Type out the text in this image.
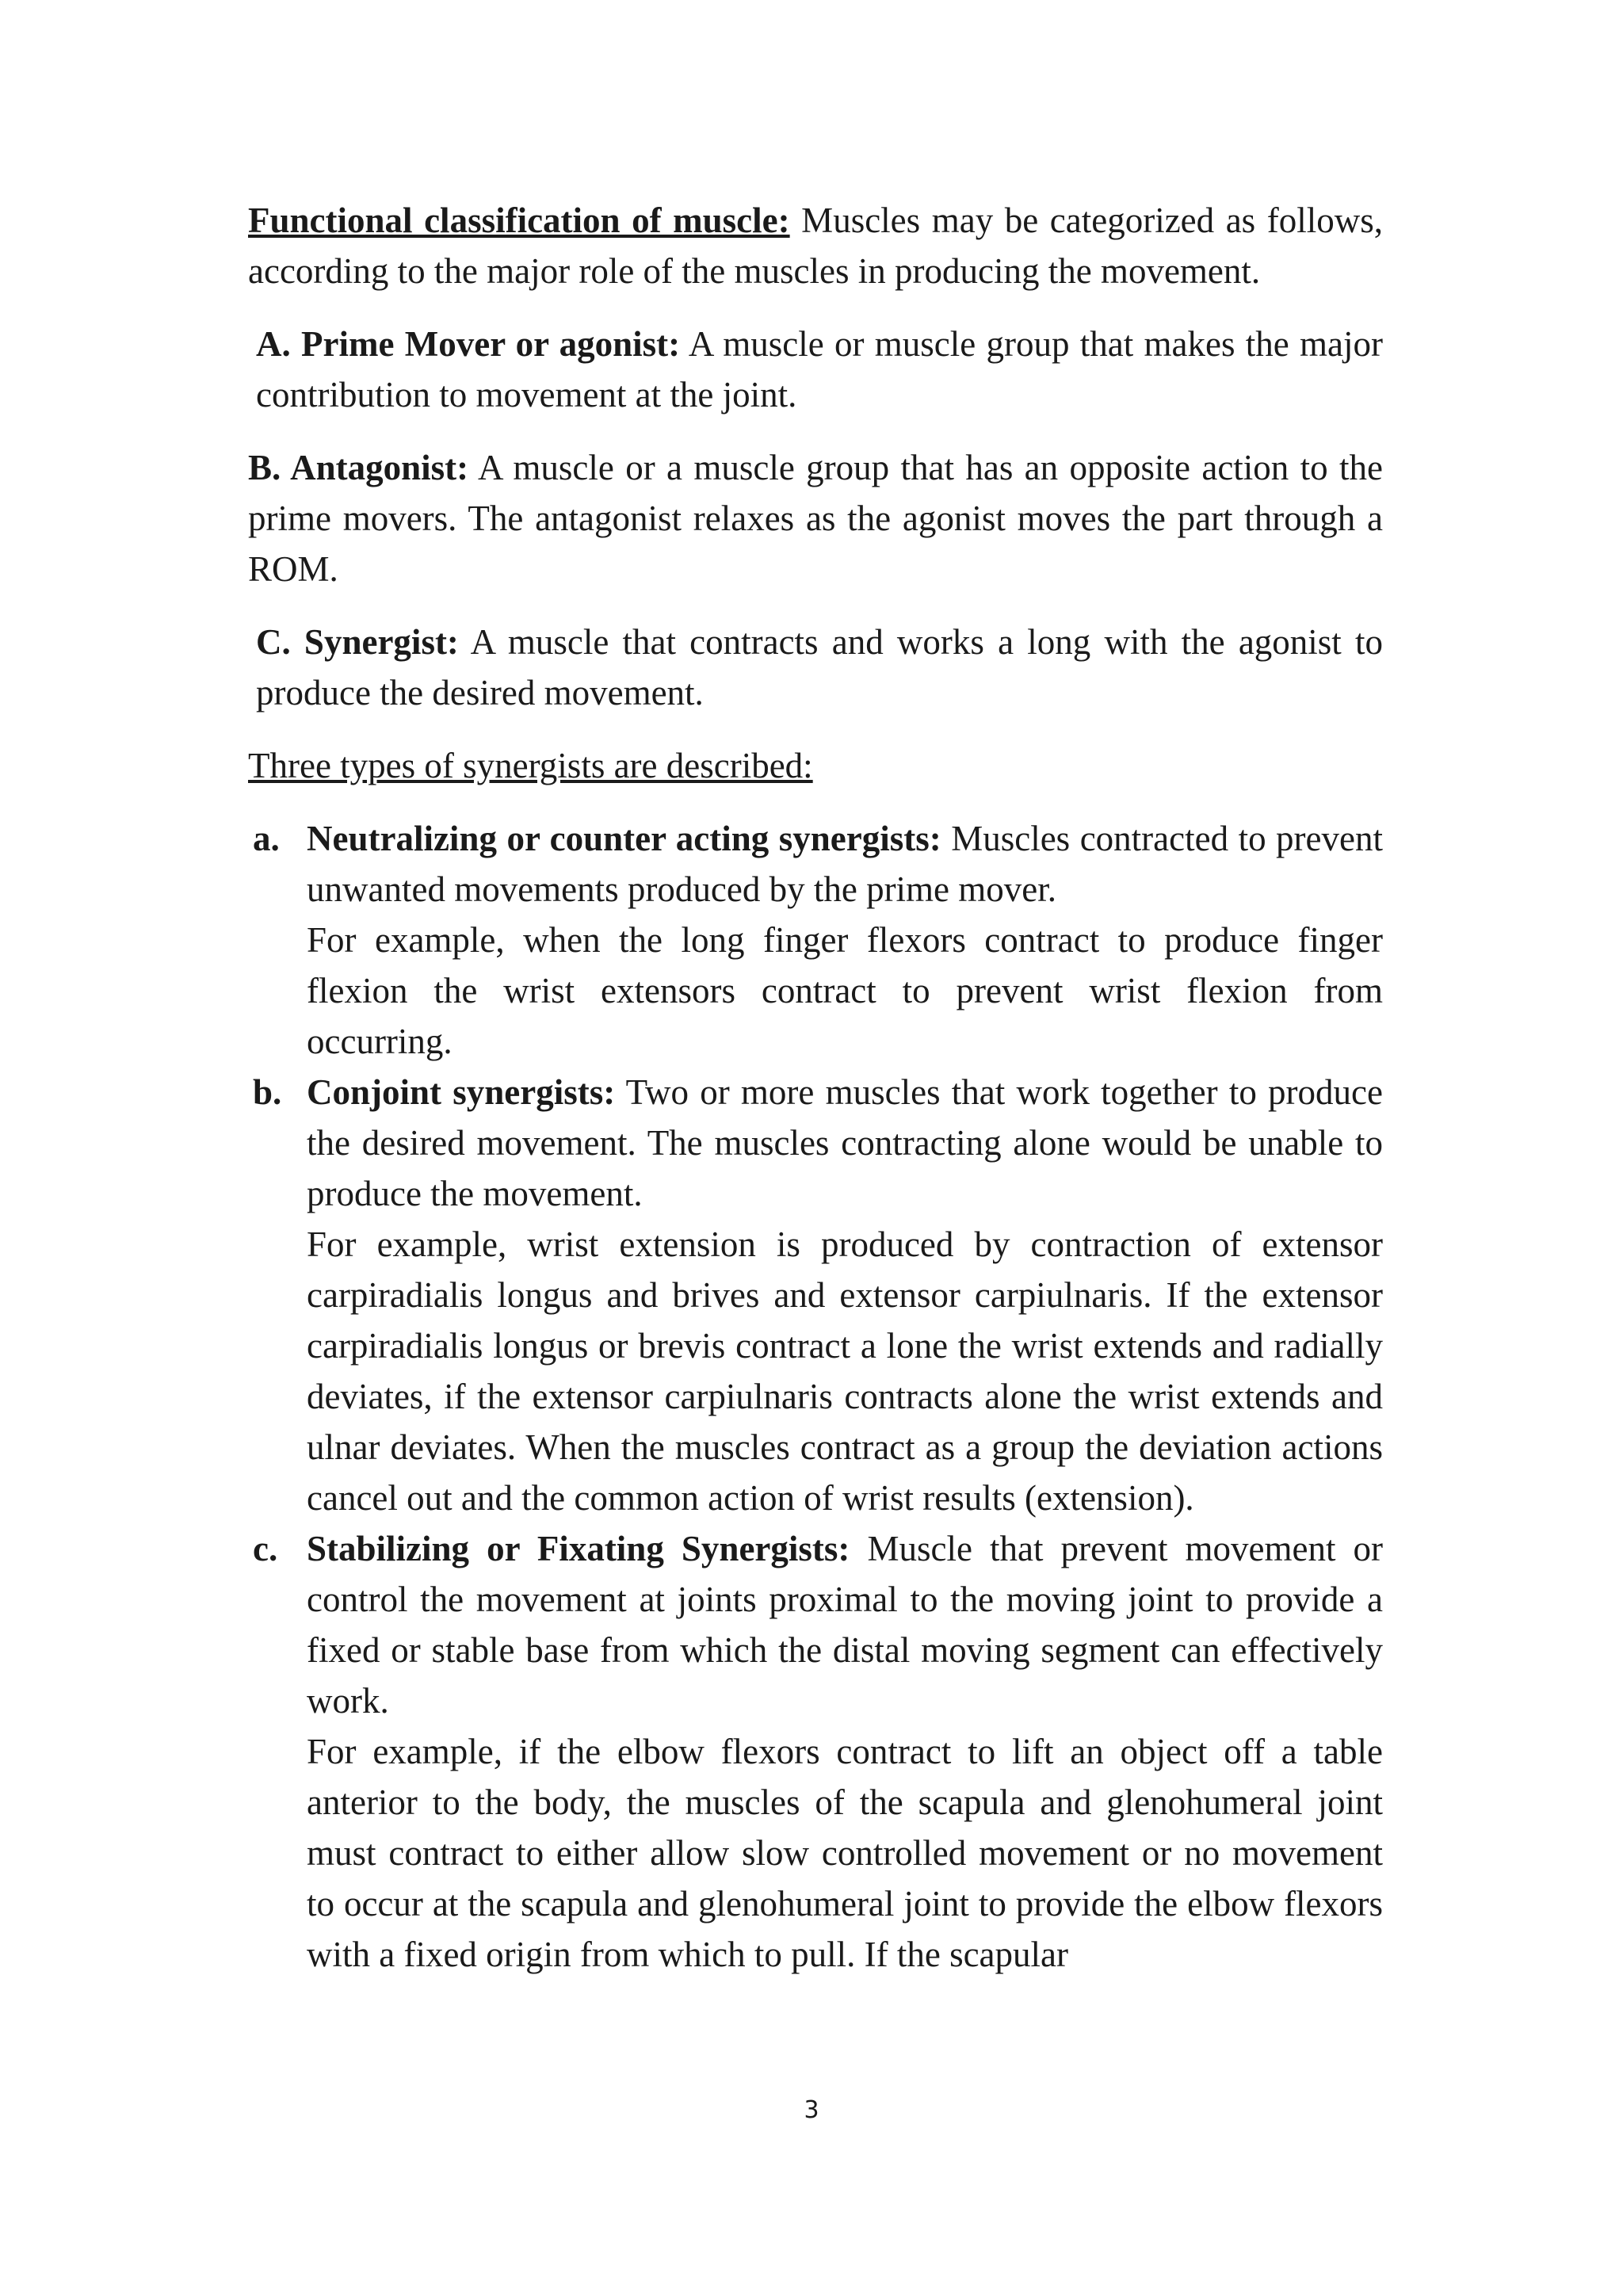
Functional classification of muscle: Muscles may be categorized as follows, according to the major role of the muscles in producing the movement.

A. Prime Mover or agonist: A muscle or muscle group that makes the major contribution to movement at the joint.

B. Antagonist: A muscle or a muscle group that has an opposite action to the prime movers. The antagonist relaxes as the agonist moves the part through a ROM.

C. Synergist: A muscle that contracts and works a long with the agonist to produce the desired movement.

Three types of synergists are described:

a. Neutralizing or counter acting synergists: Muscles contracted to prevent unwanted movements produced by the prime mover.

For example, when the long finger flexors contract to produce finger flexion the wrist extensors contract to prevent wrist flexion from occurring.

b. Conjoint synergists: Two or more muscles that work together to produce the desired movement. The muscles contracting alone would be unable to produce the movement.

For example, wrist extension is produced by contraction of extensor carpiradialis longus and brives and extensor carpiulnaris. If the extensor carpiradialis longus or brevis contract a lone the wrist extends and radially deviates, if the extensor carpiulnaris contracts alone the wrist extends and ulnar deviates. When the muscles contract as a group the deviation actions cancel out and the common action of wrist results (extension).

c. Stabilizing or Fixating Synergists: Muscle that prevent movement or control the movement at joints proximal to the moving joint to provide a fixed or stable base from which the distal moving segment can effectively work.

For example, if the elbow flexors contract to lift an object off a table anterior to the body, the muscles of the scapula and glenohumeral joint must contract to either allow slow controlled movement or no movement to occur at the scapula and glenohumeral joint to provide the elbow flexors with a fixed origin from which to pull. If the scapular

3
